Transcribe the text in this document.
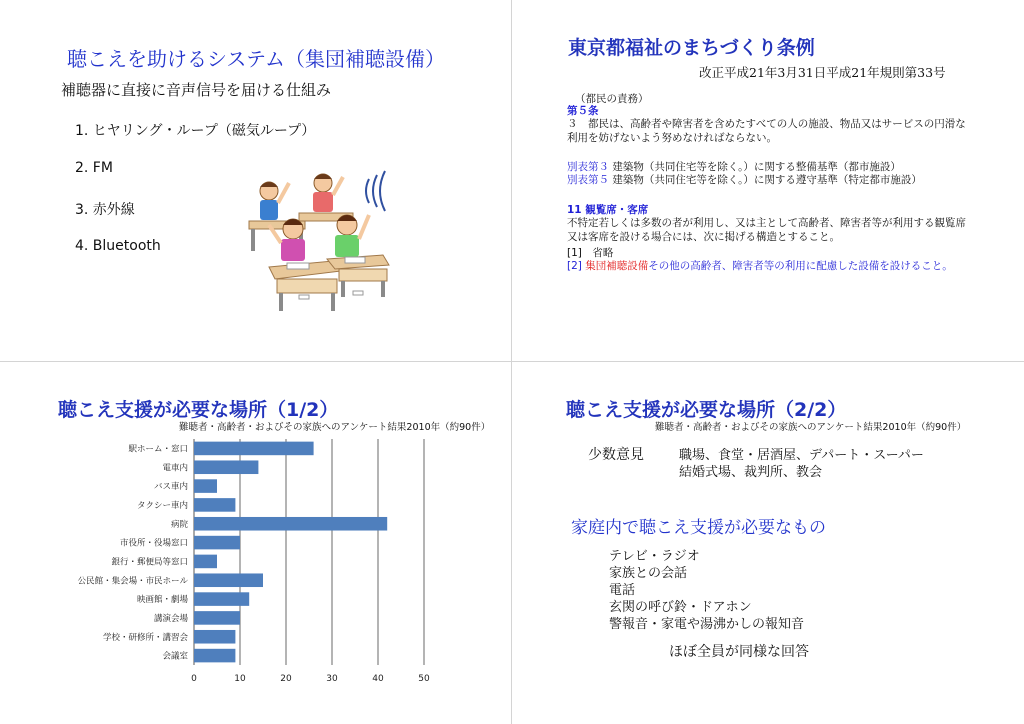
聴こえを助けるシステム（集団補聴設備）
補聴器に直接に音声信号を届ける仕組み
1. ヒヤリング・ループ（磁気ループ）
2. FM
3. 赤外線
4. Bluetooth
東京都福祉のまちづくり条例
改正平成21年3月31日平成21年規則第33号
（都民の責務）
第５条
３　都民は、高齢者や障害者を含めたすべての人の施設、物品又はサービスの円滑な利用を妨げないよう努めなければならない。
別表第３ 建築物（共同住宅等を除く。）に関する整備基準（都市施設）
別表第５ 建築物（共同住宅等を除く。）に関する遵守基準（特定都市施設）
11 観覧席・客席
不特定若しくは多数の者が利用し、又は主として高齢者、障害者等が利用する観覧席又は客席を設ける場合には、次に掲げる構造とすること。
[1]　省略
[2] 集団補聴設備その他の高齢者、障害者等の利用に配慮した設備を設けること。
聴こえ支援が必要な場所（1/2）
難聴者・高齢者・およびその家族へのアンケート結果2010年（約90件）
0	10	20	30	40	50
駅ホーム・窓口
電車内
バス車内
タクシー車内
病院
市役所・役場窓口
銀行・郵便局等窓口
公民館・集会場・市民ホール
映画館・劇場
講演会場
学校・研修所・講習会
会議室
聴こえ支援が必要な場所（2/2）
難聴者・高齢者・およびその家族へのアンケート結果2010年（約90件）
少数意見	職場、食堂・居酒屋、デパート・スーパー
結婚式場、裁判所、教会
家庭内で聴こえ支援が必要なもの
テレビ・ラジオ
家族との会話
電話
玄関の呼び鈴・ドアホン
警報音・家電や湯沸かしの報知音
ほぼ全員が同様な回答
